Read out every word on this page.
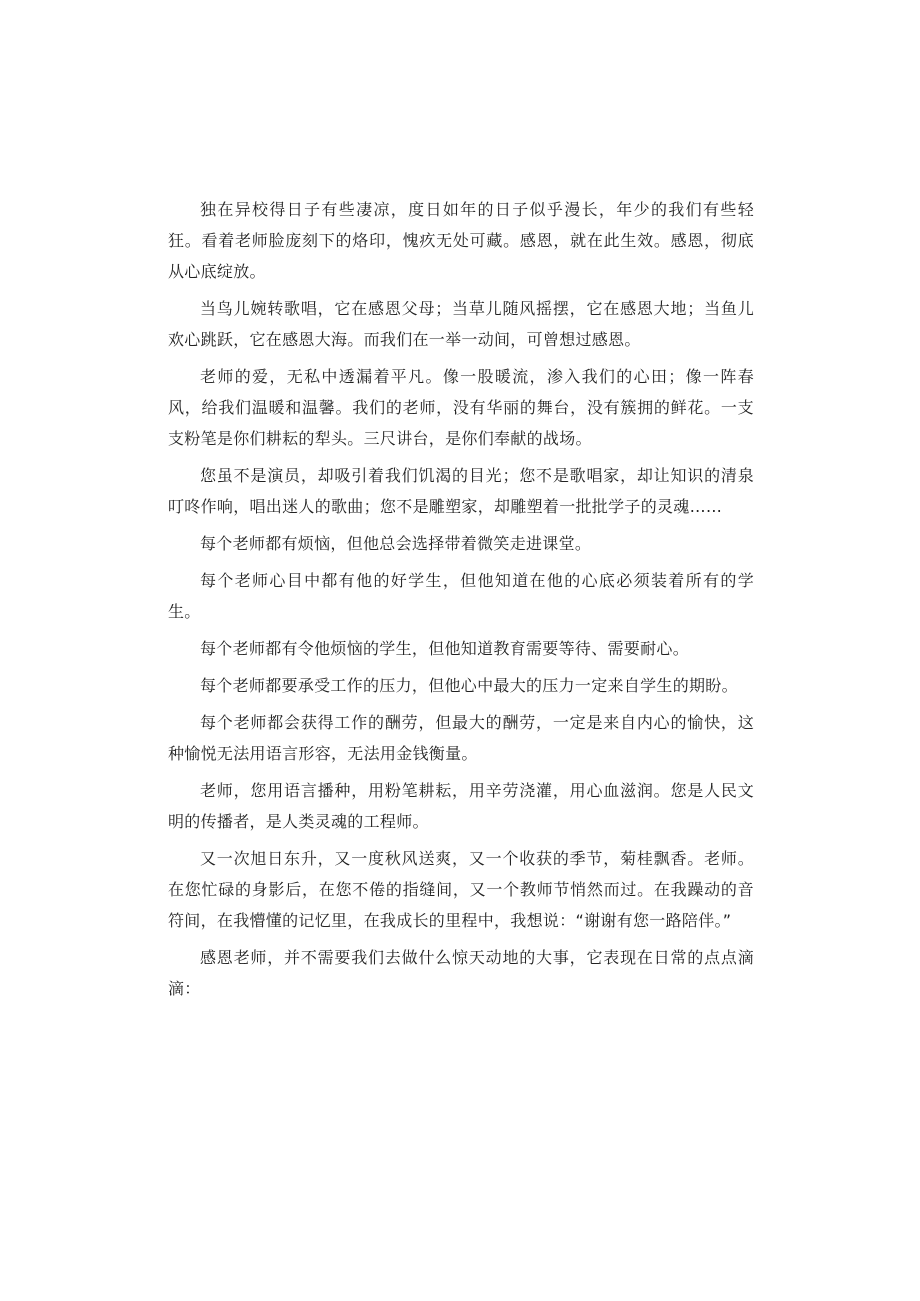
独在异校得日子有些凄凉，度日如年的日子似乎漫长，年少的我们有些轻狂。看着老师脸庞刻下的烙印，愧疚无处可藏。感恩，就在此生效。感恩，彻底从心底绽放。

当鸟儿婉转歌唱，它在感恩父母；当草儿随风摇摆，它在感恩大地；当鱼儿欢心跳跃，它在感恩大海。而我们在一举一动间，可曾想过感恩。

老师的爱，无私中透漏着平凡。像一股暖流，渗入我们的心田；像一阵春风，给我们温暖和温馨。我们的老师，没有华丽的舞台，没有簇拥的鲜花。一支支粉笔是你们耕耘的犁头。三尺讲台，是你们奉献的战场。

您虽不是演员，却吸引着我们饥渴的目光；您不是歌唱家，却让知识的清泉叮咚作响，唱出迷人的歌曲；您不是雕塑家，却雕塑着一批批学子的灵魂……

每个老师都有烦恼，但他总会选择带着微笑走进课堂。

每个老师心目中都有他的好学生，但他知道在他的心底必须装着所有的学生。

每个老师都有令他烦恼的学生，但他知道教育需要等待、需要耐心。

每个老师都要承受工作的压力，但他心中最大的压力一定来自学生的期盼。

每个老师都会获得工作的酬劳，但最大的酬劳，一定是来自内心的愉快，这种愉悦无法用语言形容，无法用金钱衡量。

老师，您用语言播种，用粉笔耕耘，用辛劳浇灌，用心血滋润。您是人民文明的传播者，是人类灵魂的工程师。

又一次旭日东升，又一度秋风送爽，又一个收获的季节，菊桂飘香。老师。在您忙碌的身影后，在您不倦的指缝间，又一个教师节悄然而过。在我躁动的音符间，在我懵懂的记忆里，在我成长的里程中，我想说：“谢谢有您一路陪伴。”

感恩老师，并不需要我们去做什么惊天动地的大事，它表现在日常的点点滴滴：
